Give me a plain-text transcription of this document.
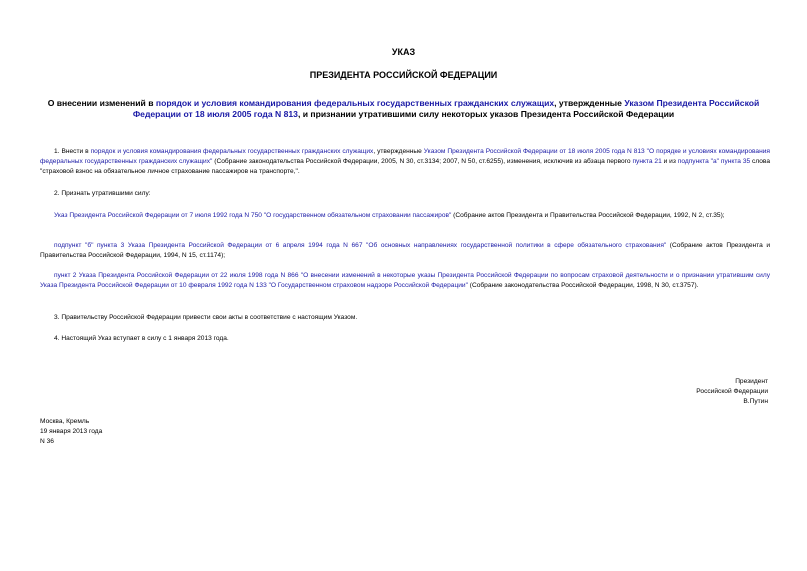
УКАЗ
ПРЕЗИДЕНТА РОССИЙСКОЙ ФЕДЕРАЦИИ
О внесении изменений в порядок и условия командирования федеральных государственных гражданских служащих, утвержденные Указом Президента Российской Федерации от 18 июля 2005 года N 813, и признании утратившими силу некоторых указов Президента Российской Федерации
1. Внести в порядок и условия командирования федеральных государственных гражданских служащих, утвержденные Указом Президента Российской Федерации от 18 июля 2005 года N 813 "О порядке и условиях командирования федеральных государственных гражданских служащих" (Собрание законодательства Российской Федерации, 2005, N 30, ст.3134; 2007, N 50, ст.6255), изменения, исключив из абзаца первого пункта 21 и из подпункта "а" пункта 35 слова "страховой взнос на обязательное личное страхование пассажиров на транспорте,".
2. Признать утратившими силу:
Указ Президента Российской Федерации от 7 июля 1992 года N 750 "О государственном обязательном страховании пассажиров" (Собрание актов Президента и Правительства Российской Федерации, 1992, N 2, ст.35);
подпункт "б" пункта 3 Указа Президента Российской Федерации от 6 апреля 1994 года N 667 "Об основных направлениях государственной политики в сфере обязательного страхования" (Собрание актов Президента и Правительства Российской Федерации, 1994, N 15, ст.1174);
пункт 2 Указа Президента Российской Федерации от 22 июля 1998 года N 866 "О внесении изменений в некоторые указы Президента Российской Федерации по вопросам страховой деятельности и о признании утратившим силу Указа Президента Российской Федерации от 10 февраля 1992 года N 133 "О Государственном страховом надзоре Российской Федерации" (Собрание законодательства Российской Федерации, 1998, N 30, ст.3757).
3. Правительству Российской Федерации привести свои акты в соответствие с настоящим Указом.
4. Настоящий Указ вступает в силу с 1 января 2013 года.
Президент
Российской Федерации
В.Путин
Москва, Кремль
19 января 2013 года
N 36
